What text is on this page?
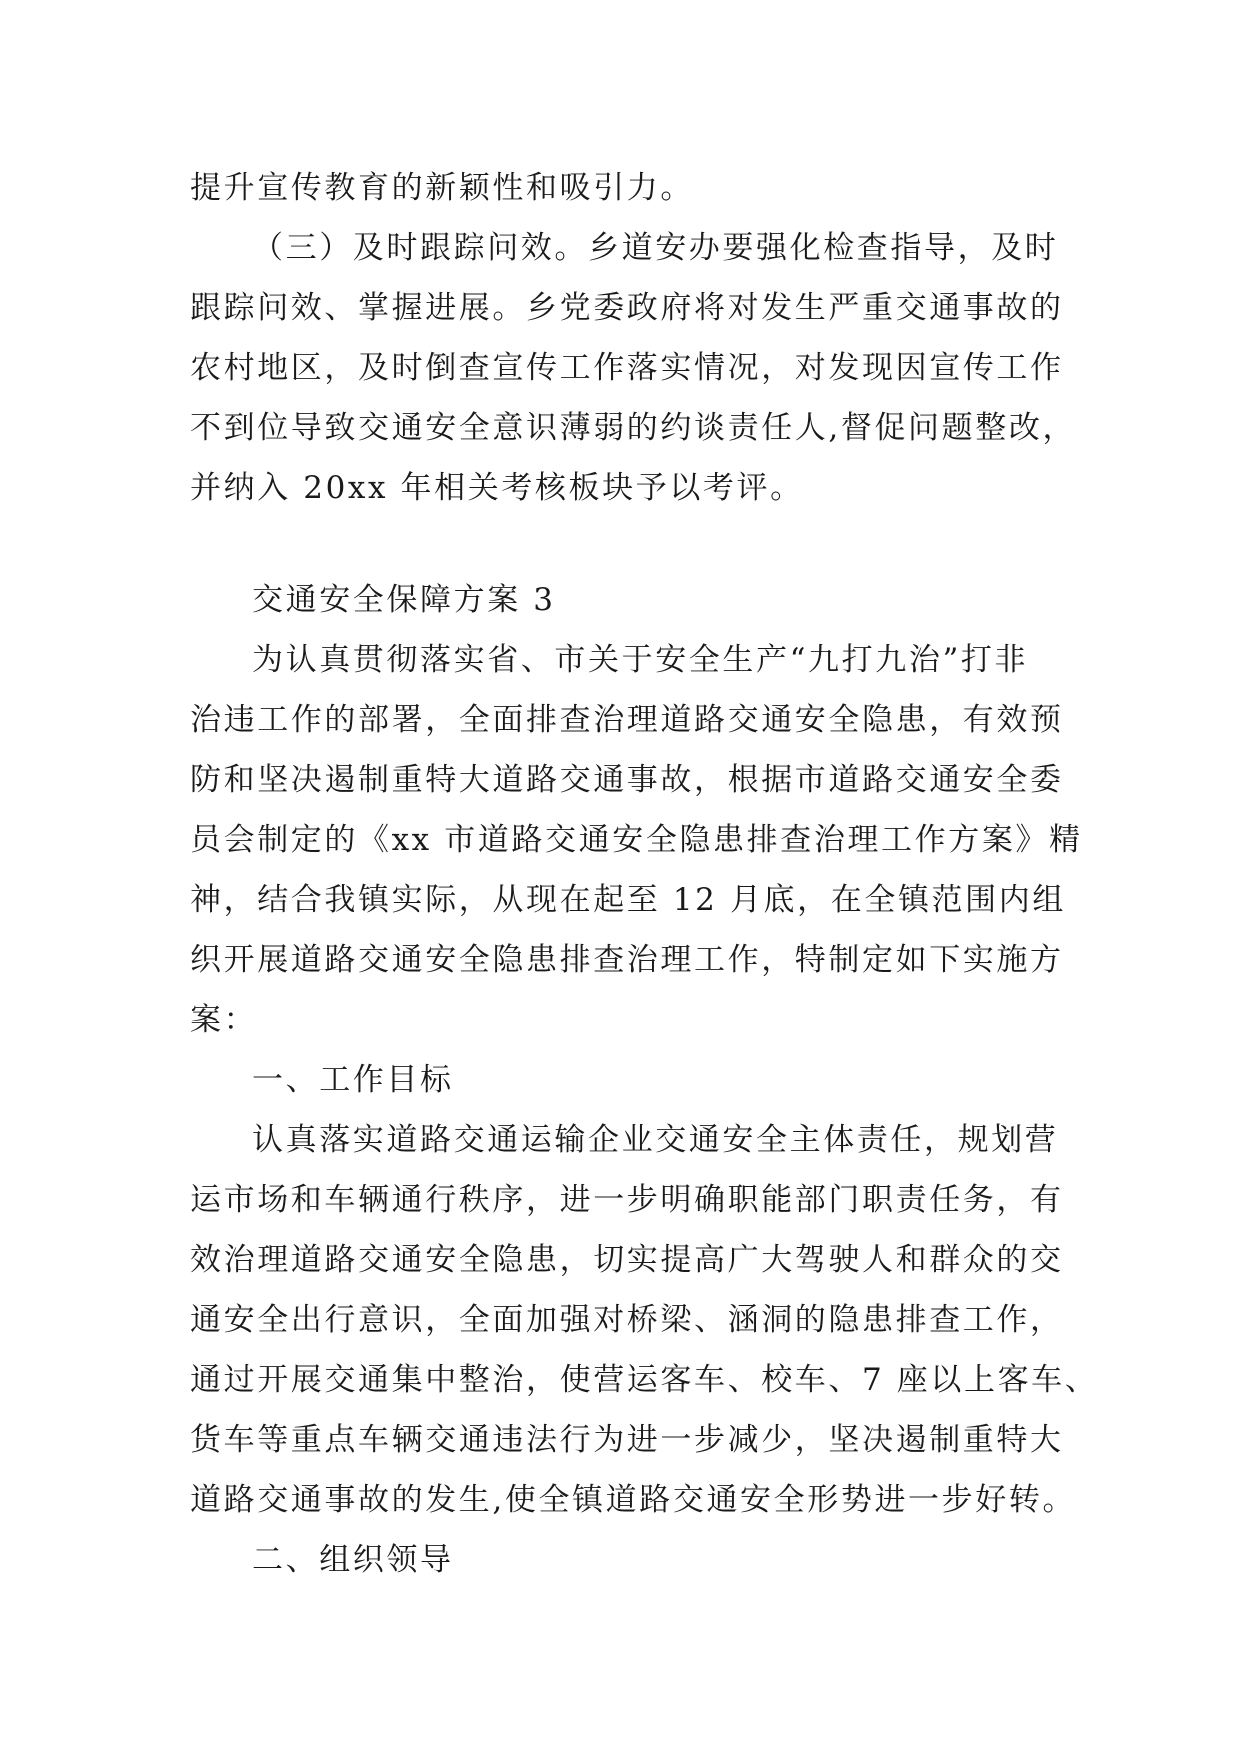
提升宣传教育的新颖性和吸引力。
（三）及时跟踪问效。乡道安办要强化检查指导，及时
跟踪问效、掌握进展。乡党委政府将对发生严重交通事故的
农村地区，及时倒查宣传工作落实情况，对发现因宣传工作
不到位导致交通安全意识薄弱的约谈责任人,督促问题整改，
并纳入 20xx 年相关考核板块予以考评。
交通安全保障方案 3
为认真贯彻落实省、市关于安全生产“九打九治”打非
治违工作的部署，全面排查治理道路交通安全隐患，有效预
防和坚决遏制重特大道路交通事故，根据市道路交通安全委
员会制定的《xx 市道路交通安全隐患排查治理工作方案》精
神，结合我镇实际，从现在起至 12 月底，在全镇范围内组
织开展道路交通安全隐患排查治理工作，特制定如下实施方
案：
一、工作目标
认真落实道路交通运输企业交通安全主体责任，规划营
运市场和车辆通行秩序，进一步明确职能部门职责任务，有
效治理道路交通安全隐患，切实提高广大驾驶人和群众的交
通安全出行意识，全面加强对桥梁、涵洞的隐患排查工作，
通过开展交通集中整治，使营运客车、校车、7 座以上客车、
货车等重点车辆交通违法行为进一步减少，坚决遏制重特大
道路交通事故的发生,使全镇道路交通安全形势进一步好转。
二、组织领导
